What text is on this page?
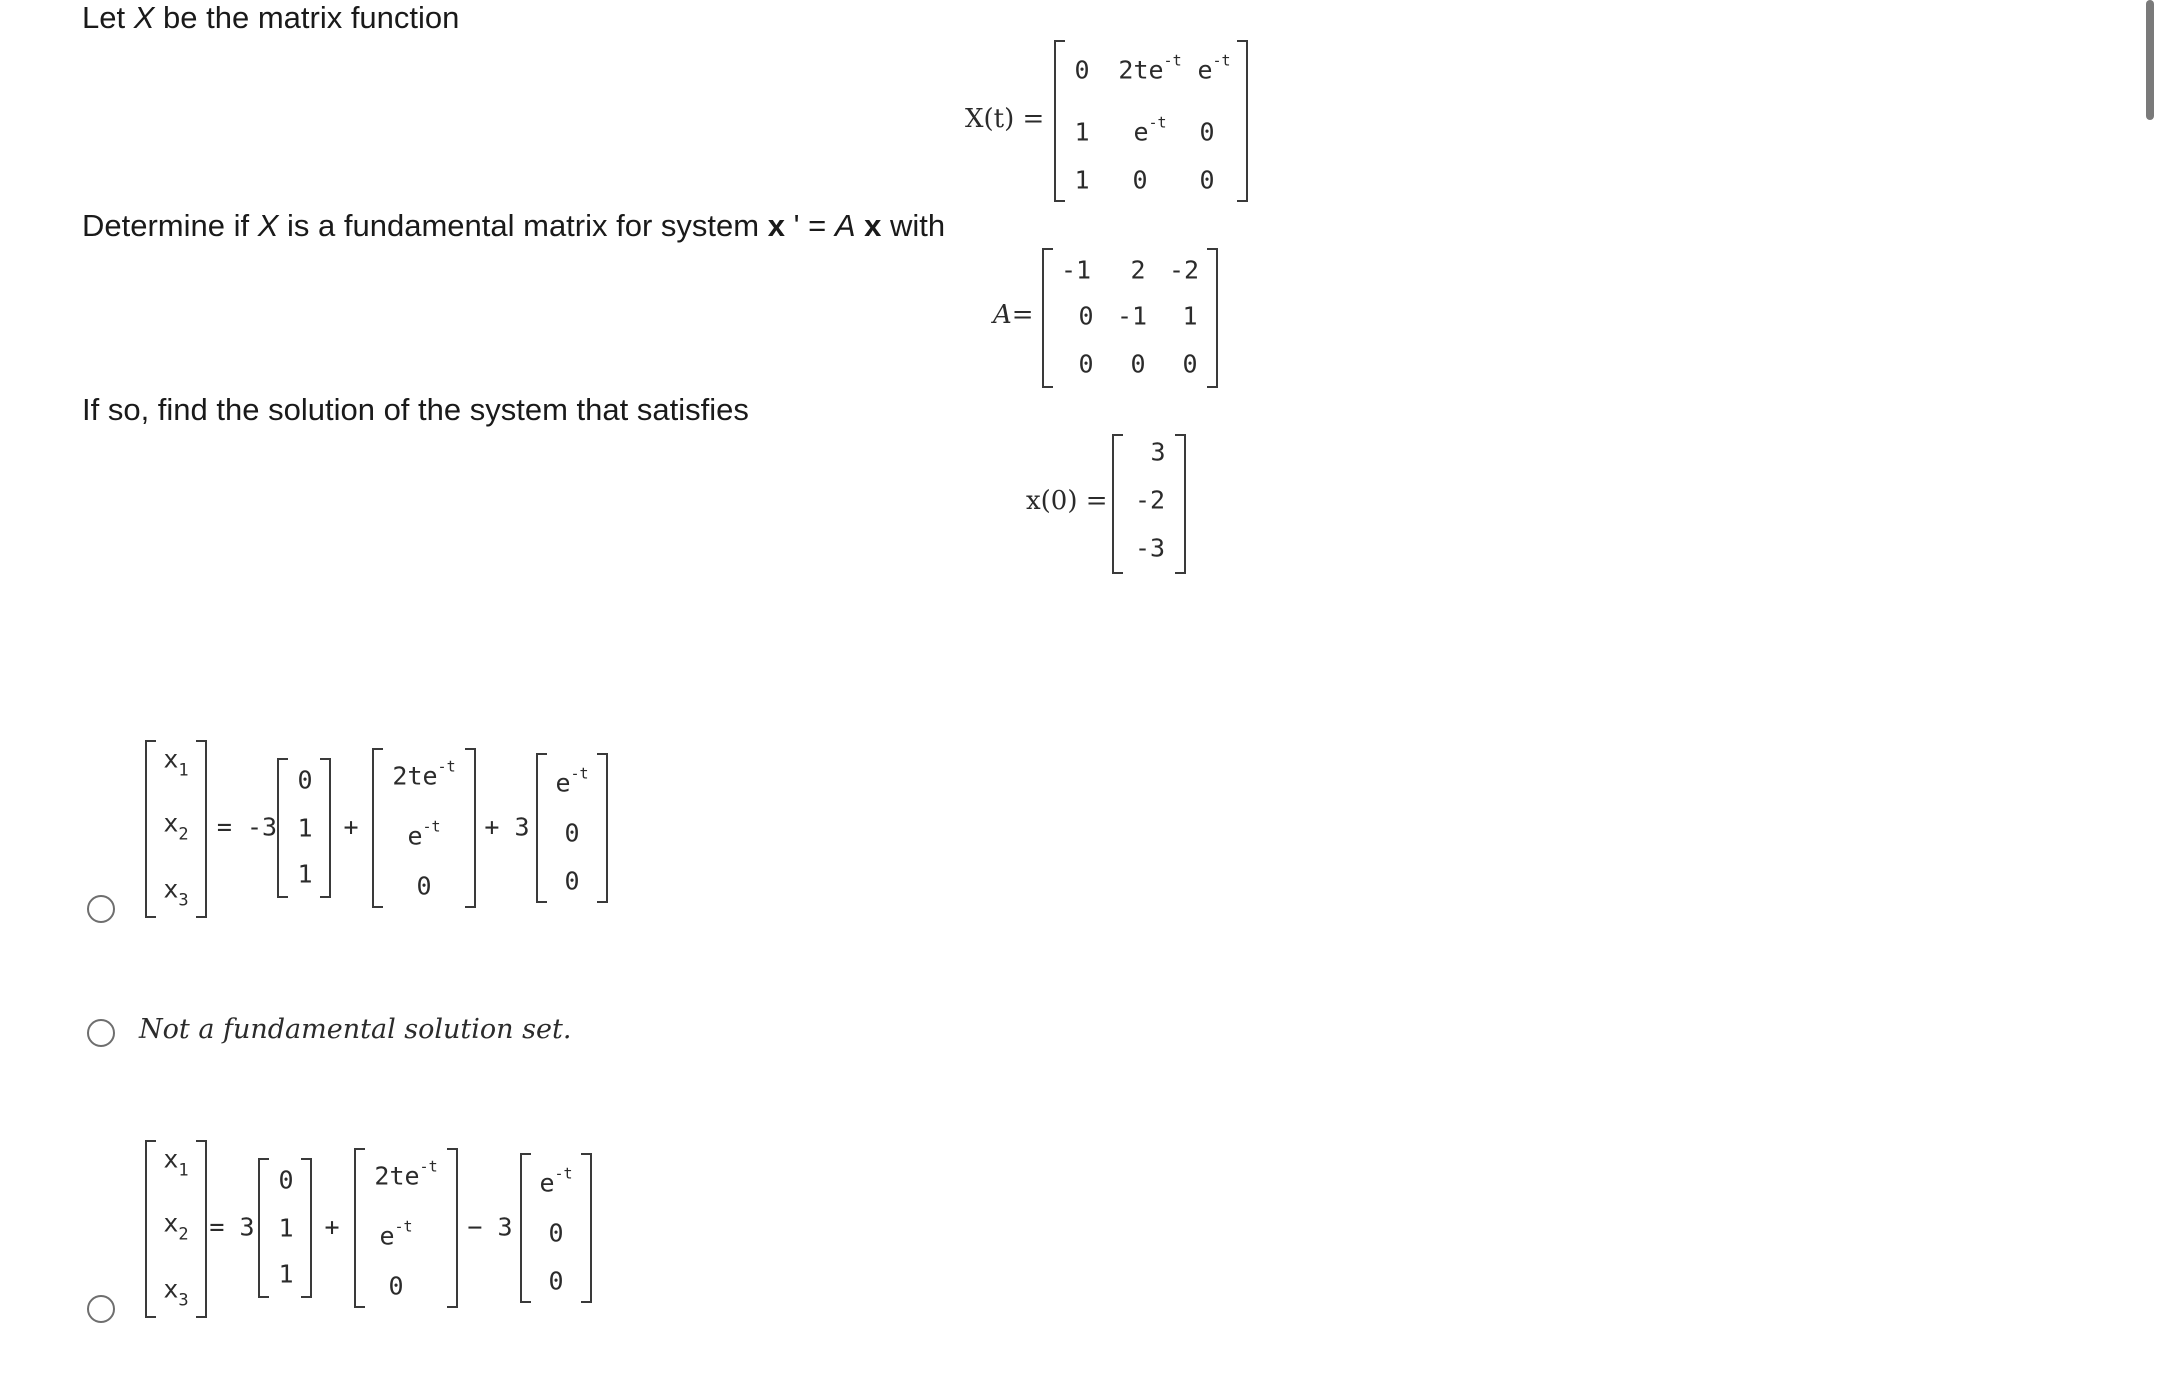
Let X be the matrix function
Determine if X is a fundamental matrix for system x ' = A x with
If so, find the solution of the system that satisfies
X(t) =
0 $2te^{-t}$ $e^{-t}$
1 $e^{-t}$ 0
1 0 0
A=
-1 2 -2
0 -1 1
0 0 0
x(0) =
3
-2
-3
$x_1$
$x_2$
$x_3$
= -3
0
1
1
+
$2te^{-t}$
$e^{-t}$
0
+ 3
$e^{-t}$
0
0
Not a fundamental solution set.
$x_1$
$x_2$
$x_3$
= 3
0
1
1
+
$2te^{-t}$
$e^{-t}$
0
− 3
$e^{-t}$
0
0
